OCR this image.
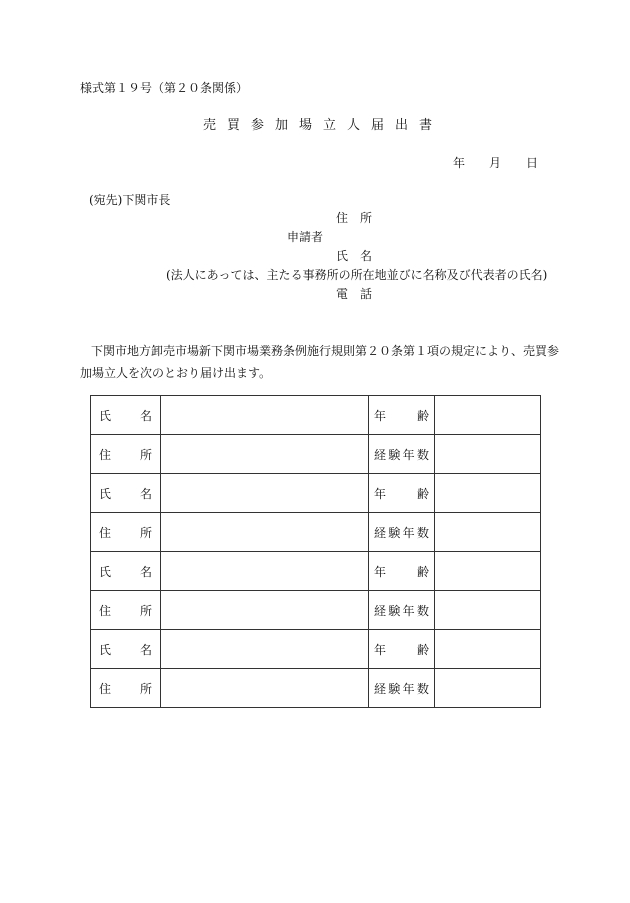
様式第１９号（第２０条関係）
売買参加場立人届出書
年 月 日
(宛先)下関市長
住　所
申請者
氏　名
(法人にあっては、主たる事務所の所在地並びに名称及び代表者の氏名)
電　話
下関市地方卸売市場新下関市場業務条例施行規則第２０条第１項の規定により、売買参加場立人を次のとおり届け出ます。
氏 名		年 齢	

住 所		経 験 年 数	

氏 名		年 齢	

住 所		経 験 年 数	

氏 名		年 齢	

住 所		経 験 年 数	

氏 名		年 齢	

住 所		経 験 年 数	
